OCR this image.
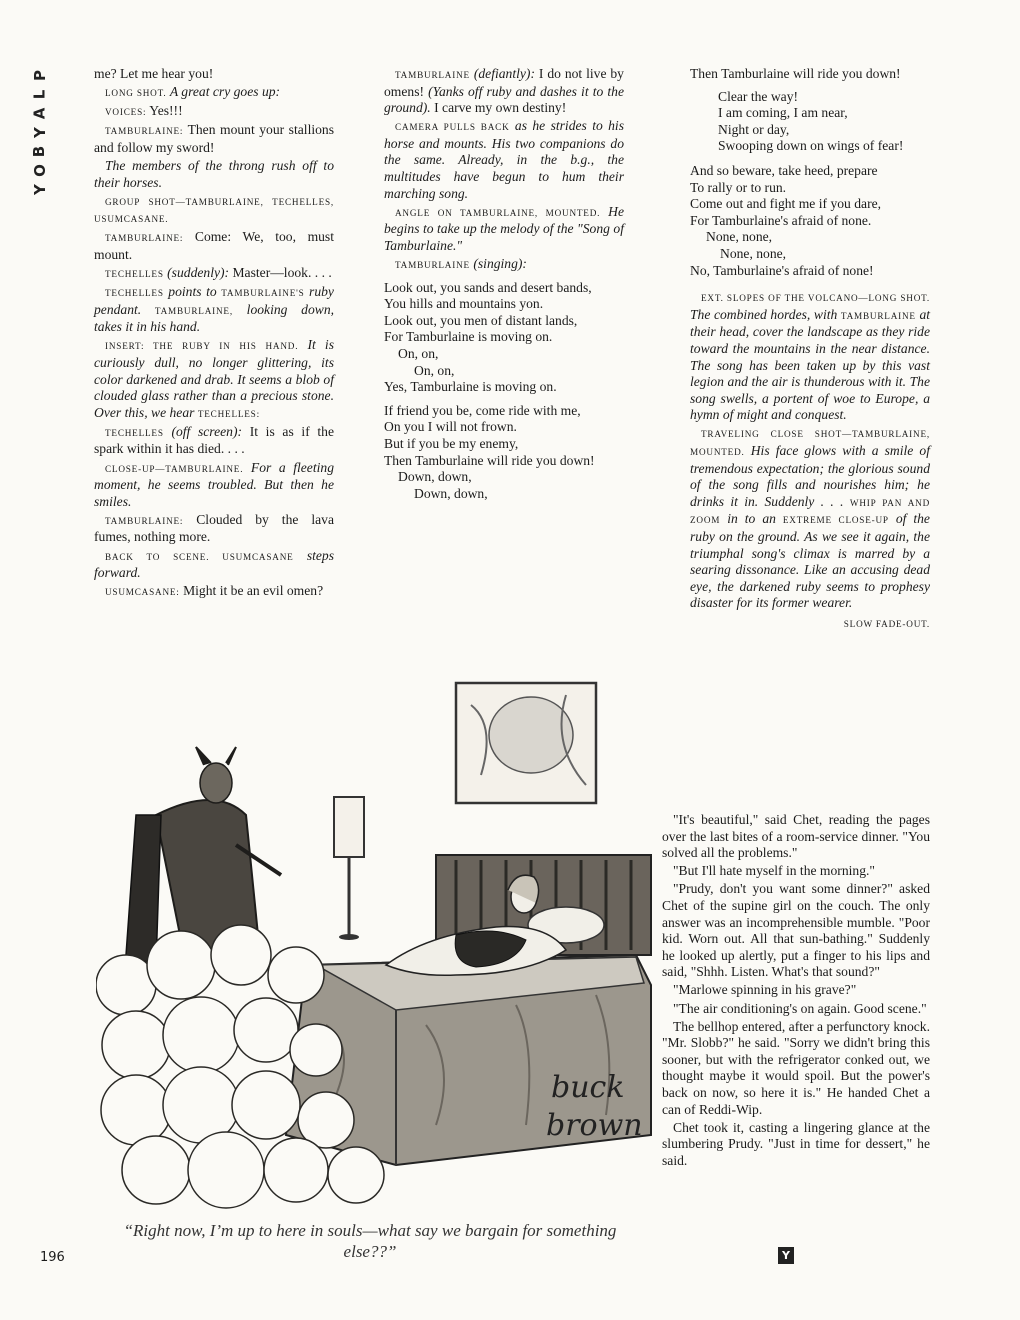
P
L
A
Y
B
O
Y

me? Let me hear you!

LONG SHOT. A great cry goes up:

VOICES: Yes!!!

TAMBURLAINE: Then mount your stallions and follow my sword!

The members of the throng rush off to their horses.

GROUP SHOT—TAMBURLAINE, TECHELLES, USUMCASANE.

TAMBURLAINE: Come: We, too, must mount.

TECHELLES (suddenly): Master—look. . . .

TECHELLES points to TAMBURLAINE'S ruby pendant. TAMBURLAINE, looking down, takes it in his hand.

INSERT: THE RUBY IN HIS HAND. It is curiously dull, no longer glittering, its color darkened and drab. It seems a blob of clouded glass rather than a precious stone. Over this, we hear TECHELLES:

TECHELLES (off screen): It is as if the spark within it has died. . . .

CLOSE-UP—TAMBURLAINE. For a fleeting moment, he seems troubled. But then he smiles.

TAMBURLAINE: Clouded by the lava fumes, nothing more.

BACK TO SCENE. USUMCASANE steps forward.

USUMCASANE: Might it be an evil omen?

TAMBURLAINE (defiantly): I do not live by omens! (Yanks off ruby and dashes it to the ground). I carve my own destiny!

CAMERA PULLS BACK as he strides to his horse and mounts. His two companions do the same. Already, in the b.g., the multitudes have begun to hum their marching song.

ANGLE ON TAMBURLAINE, MOUNTED. He begins to take up the melody of the "Song of Tamburlaine."

TAMBURLAINE (singing):

Look out, you sands and desert bands,
You hills and mountains yon.
Look out, you men of distant lands,
For Tamburlaine is moving on.
On, on,
On, on,
Yes, Tamburlaine is moving on.
If friend you be, come ride with me,
On you I will not frown.
But if you be my enemy,
Then Tamburlaine will ride you down!
Down, down,
Down, down,
Then Tamburlaine will ride you down!
Clear the way!
I am coming, I am near,
Night or day,
Swooping down on wings of fear!
And so beware, take heed, prepare
To rally or to run.
Come out and fight me if you dare,
For Tamburlaine's afraid of none.
None, none,
None, none,
No, Tamburlaine's afraid of none!

EXT. SLOPES OF THE VOLCANO—LONG SHOT. The combined hordes, with TAMBURLAINE at their head, cover the landscape as they ride toward the mountains in the near distance. The song has been taken up by this vast legion and the air is thunderous with it. The song swells, a portent of woe to Europe, a hymn of might and conquest.

TRAVELING CLOSE SHOT—TAMBURLAINE, MOUNTED. His face glows with a smile of tremendous expectation; the glorious sound of the song fills and nourishes him; he drinks it in. Suddenly . . . WHIP PAN AND ZOOM in to an EXTREME CLOSE-UP of the ruby on the ground. As we see it again, the triumphal song's climax is marred by a searing dissonance. Like an accusing dead eye, the darkened ruby seems to prophesy disaster for its former wearer.

SLOW FADE-OUT.

"It's beautiful," said Chet, reading the pages over the last bites of a room-service dinner. "You solved all the problems."

"But I'll hate myself in the morning."

"Prudy, don't you want some dinner?" asked Chet of the supine girl on the couch. The only answer was an incomprehensible mumble. "Poor kid. Worn out. All that sun-bathing." Suddenly he looked up alertly, put a finger to his lips and said, "Shhh. Listen. What's that sound?"

"Marlowe spinning in his grave?"

"The air conditioning's on again. Good scene."

The bellhop entered, after a perfunctory knock. "Mr. Slobb?" he said. "Sorry we didn't bring this sooner, but with the refrigerator conked out, we thought maybe it would spoil. But the power's back on now, so here it is." He handed Chet a can of Reddi-Wip.

Chet took it, casting a lingering glance at the slumbering Prudy. "Just in time for dessert," he said.

buck
brown
“Right now, I’m up to here in souls—what say we bargain for something else??”
196	Y
